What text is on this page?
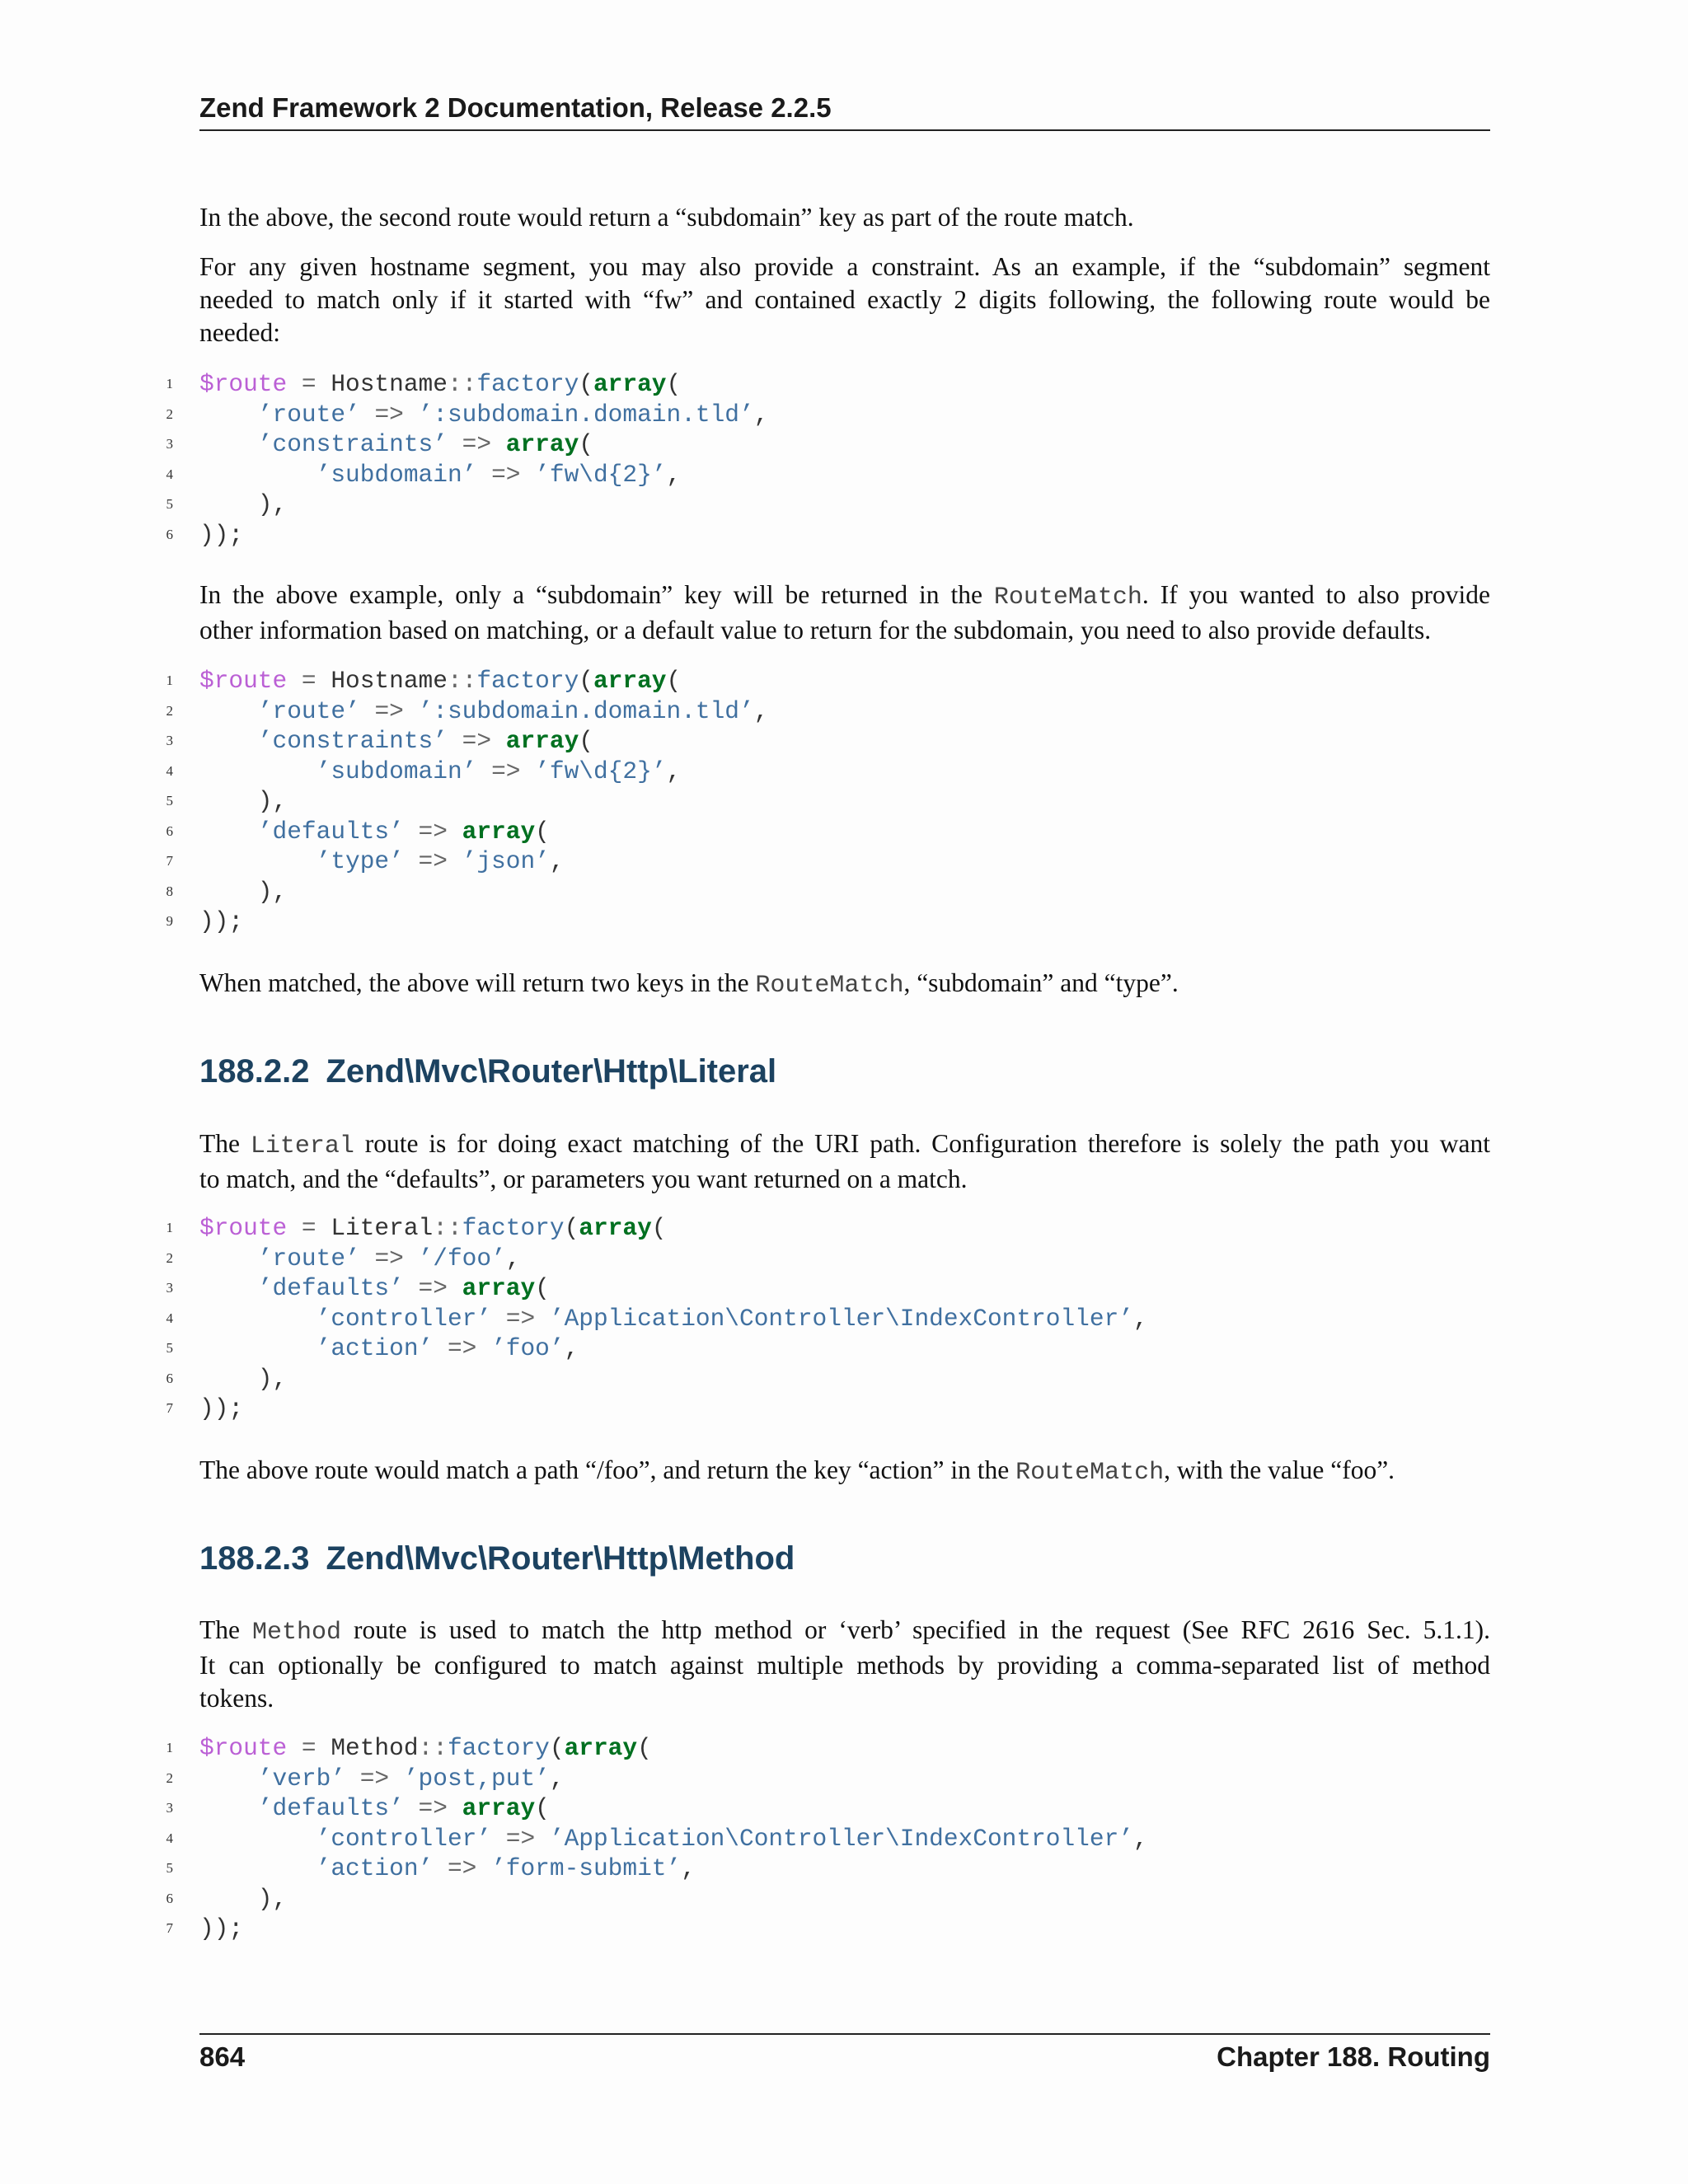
Zend Framework 2 Documentation, Release 2.2.5

In the above, the second route would return a “subdomain” key as part of the route match.

For any given hostname segment, you may also provide a constraint. As an example, if the “subdomain” segment
needed to match only if it started with “fw” and contained exactly 2 digits following, the following route would be
needed:

1 $route = Hostname::factory(array(
2	’route’ => ’:subdomain.domain.tld’,
3	’constraints’ => array(
4	’subdomain’ => ’fw\d{2}’,
5 ),
6 ));

In the above example, only a “subdomain” key will be returned in the RouteMatch. If you wanted to also provide
other information based on matching, or a default value to return for the subdomain, you need to also provide defaults.

1 $route = Hostname::factory(array(
2	’route’ => ’:subdomain.domain.tld’,
3	’constraints’ => array(
4	’subdomain’ => ’fw\d{2}’,
5 ),
6	’defaults’ => array(
7	’type’ => ’json’,
8 ),
9 ));

When matched, the above will return two keys in the RouteMatch, “subdomain” and “type”.

188.2.2 Zend\Mvc\Router\Http\Literal

The Literal route is for doing exact matching of the URI path. Configuration therefore is solely the path you want
to match, and the “defaults”, or parameters you want returned on a match.

1 $route = Literal::factory(array(
2	’route’ => ’/foo’,
3	’defaults’ => array(
4	’controller’ => ’Application\Controller\IndexController’,
5	’action’ => ’foo’,
6 ),
7 ));

The above route would match a path “/foo”, and return the key “action” in the RouteMatch, with the value “foo”.

188.2.3 Zend\Mvc\Router\Http\Method

The Method route is used to match the http method or ‘verb’ specified in the request (See RFC 2616 Sec. 5.1.1).
It can optionally be configured to match against multiple methods by providing a comma-separated list of method
tokens.

1 $route = Method::factory(array(
2	’verb’ => ’post,put’,
3	’defaults’ => array(
4	’controller’ => ’Application\Controller\IndexController’,
5	’action’ => ’form-submit’,
6 ),
7 ));
864	Chapter 188. Routing
